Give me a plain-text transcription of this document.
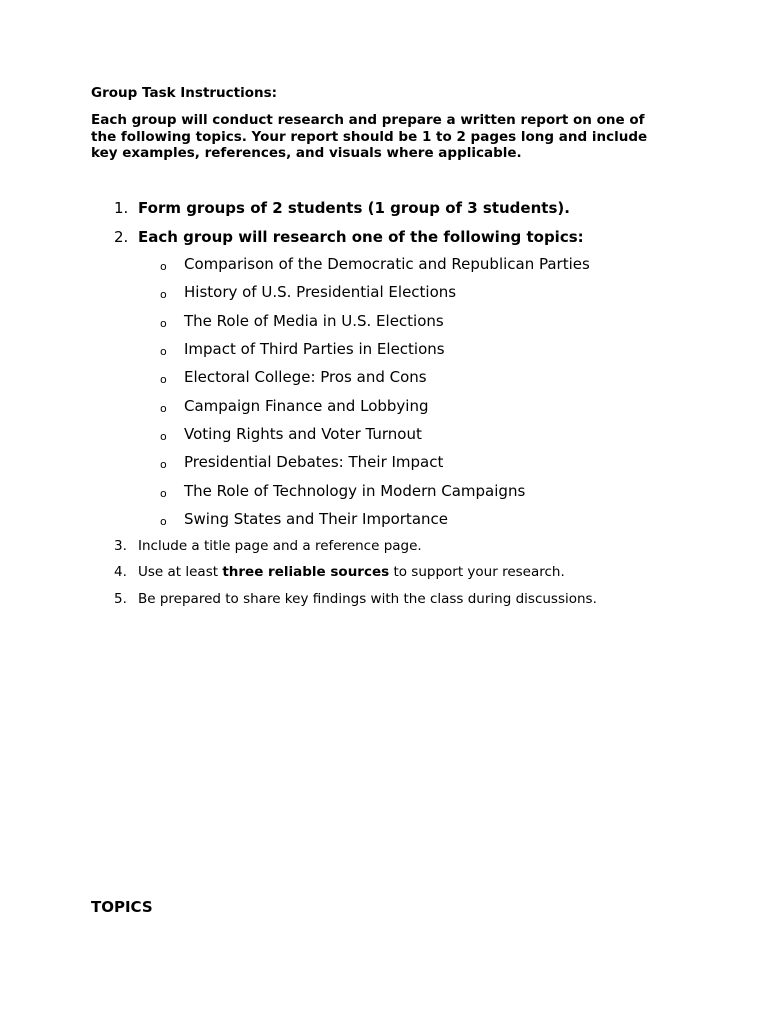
Group Task Instructions:
Each group will conduct research and prepare a written report on one of
the following topics. Your report should be 1 to 2 pages long and include
key examples, references, and visuals where applicable.
1. Form groups of 2 students (1 group of 3 students).
2. Each group will research one of the following topics:
o Comparison of the Democratic and Republican Parties
o History of U.S. Presidential Elections
o The Role of Media in U.S. Elections
o Impact of Third Parties in Elections
o Electoral College: Pros and Cons
o Campaign Finance and Lobbying
o Voting Rights and Voter Turnout
o Presidential Debates: Their Impact
o The Role of Technology in Modern Campaigns
o Swing States and Their Importance
3. Include a title page and a reference page.
4. Use at least three reliable sources to support your research.
5. Be prepared to share key findings with the class during discussions.
TOPICS
